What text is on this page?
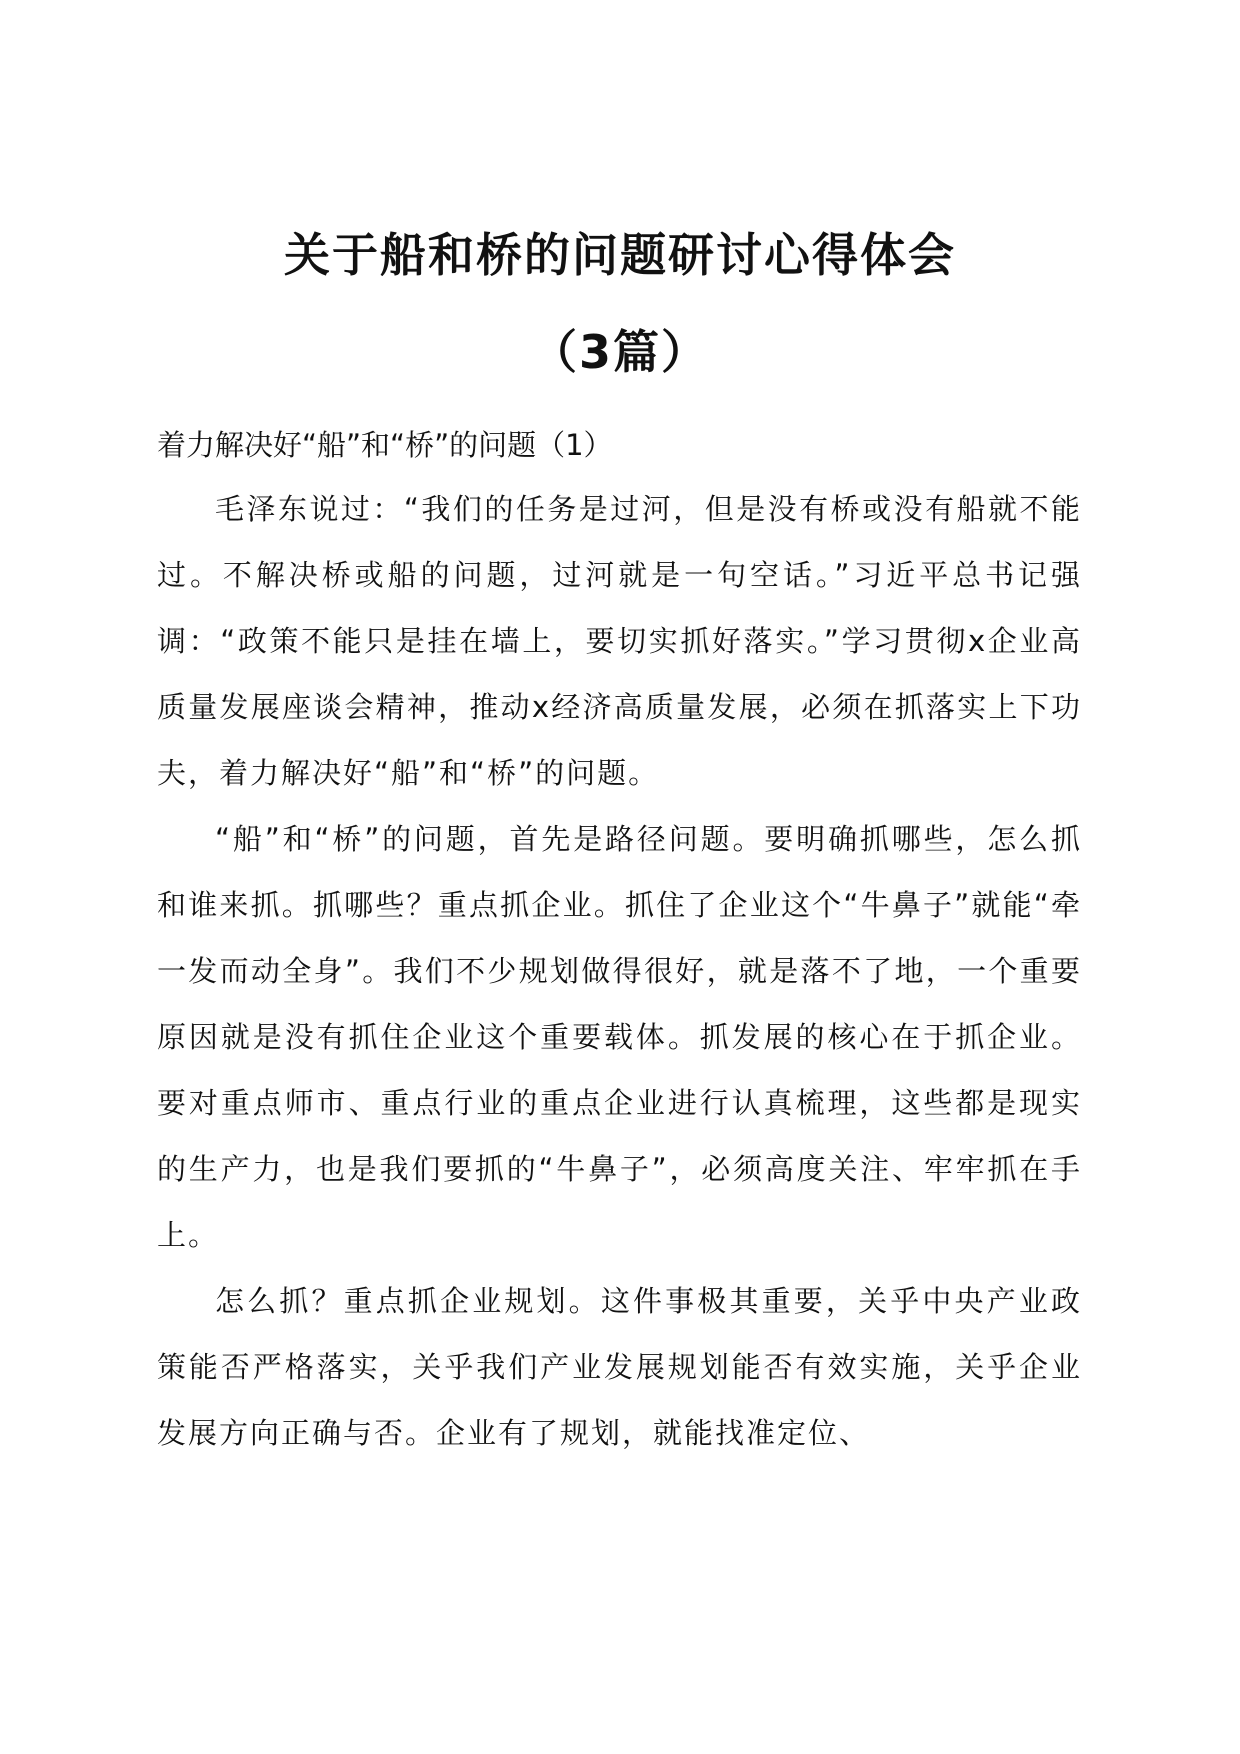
关于船和桥的问题研讨心得体会
（3篇）

着力解决好“船”和“桥”的问题（1）

毛泽东说过：“我们的任务是过河，但是没有桥或没有船就不能过。不解决桥或船的问题，过河就是一句空话。”习近平总书记强调：“政策不能只是挂在墙上，要切实抓好落实。”学习贯彻x企业高质量发展座谈会精神，推动x经济高质量发展，必须在抓落实上下功夫，着力解决好“船”和“桥”的问题。

“船”和“桥”的问题，首先是路径问题。要明确抓哪些，怎么抓和谁来抓。抓哪些？重点抓企业。抓住了企业这个“牛鼻子”就能“牵一发而动全身”。我们不少规划做得很好，就是落不了地，一个重要原因就是没有抓住企业这个重要载体。抓发展的核心在于抓企业。要对重点师市、重点行业的重点企业进行认真梳理，这些都是现实的生产力，也是我们要抓的“牛鼻子”，必须高度关注、牢牢抓在手上。

怎么抓？重点抓企业规划。这件事极其重要，关乎中央产业政策能否严格落实，关乎我们产业发展规划能否有效实施，关乎企业发展方向正确与否。企业有了规划，就能找准定位、
